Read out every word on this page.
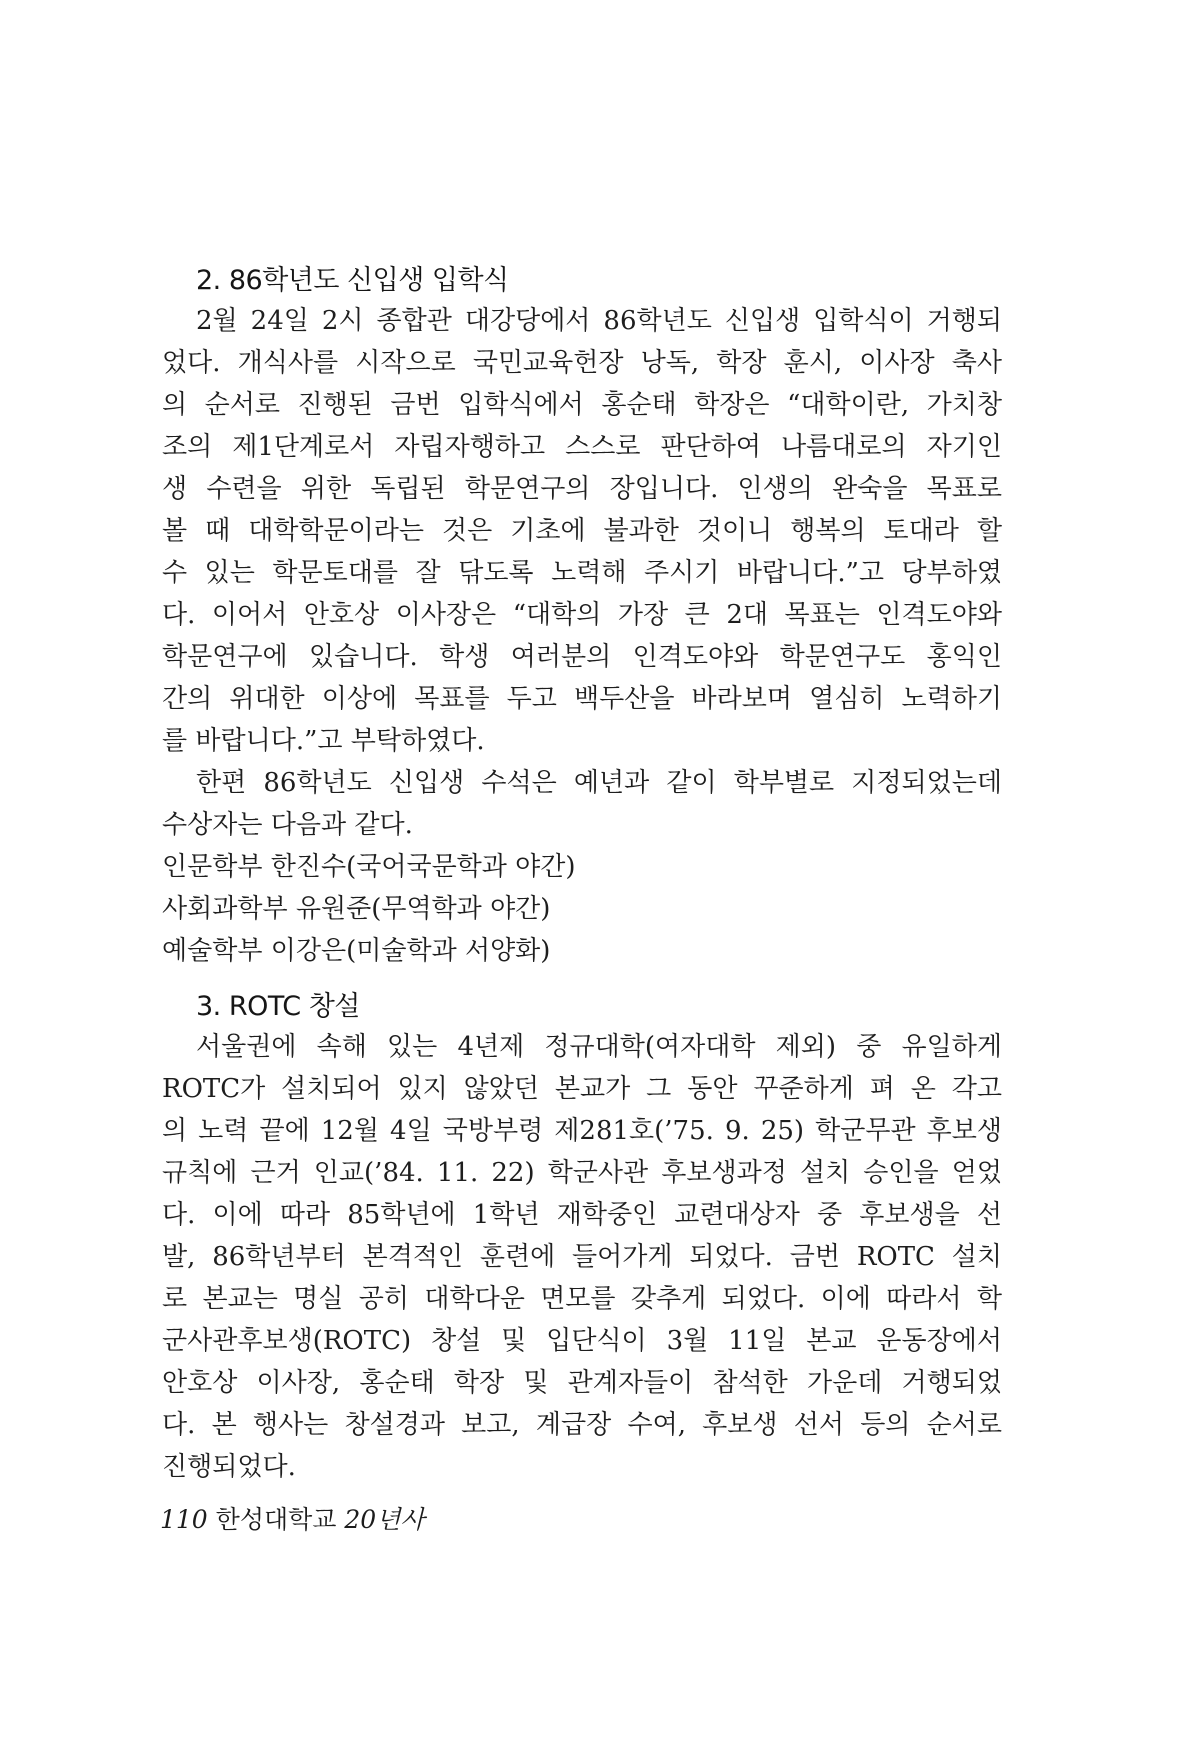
2. 86학년도 신입생 입학식
2월 24일 2시 종합관 대강당에서 86학년도 신입생 입학식이 거행되
었다. 개식사를 시작으로 국민교육헌장 낭독, 학장 훈시, 이사장 축사
의 순서로 진행된 금번 입학식에서 홍순태 학장은 “대학이란, 가치창
조의 제1단계로서 자립자행하고 스스로 판단하여 나름대로의 자기인
생 수련을 위한 독립된 학문연구의 장입니다. 인생의 완숙을 목표로
볼 때 대학학문이라는 것은 기초에 불과한 것이니 행복의 토대라 할
수 있는 학문토대를 잘 닦도록 노력해 주시기 바랍니다.”고 당부하였
다. 이어서 안호상 이사장은 “대학의 가장 큰 2대 목표는 인격도야와
학문연구에 있습니다. 학생 여러분의 인격도야와 학문연구도 홍익인
간의 위대한 이상에 목표를 두고 백두산을 바라보며 열심히 노력하기
를 바랍니다.”고 부탁하였다.
한편 86학년도 신입생 수석은 예년과 같이 학부별로 지정되었는데
수상자는 다음과 같다.
인문학부 한진수(국어국문학과 야간)
사회과학부 유원준(무역학과 야간)
예술학부 이강은(미술학과 서양화)
3. ROTC 창설
서울권에 속해 있는 4년제 정규대학(여자대학 제외) 중 유일하게
ROTC가 설치되어 있지 않았던 본교가 그 동안 꾸준하게 펴 온 각고
의 노력 끝에 12월 4일 국방부령 제281호(’75. 9. 25) 학군무관 후보생
규칙에 근거 인교(’84. 11. 22) 학군사관 후보생과정 설치 승인을 얻었
다. 이에 따라 85학년에 1학년 재학중인 교련대상자 중 후보생을 선
발, 86학년부터 본격적인 훈련에 들어가게 되었다. 금번 ROTC 설치
로 본교는 명실 공히 대학다운 면모를 갖추게 되었다. 이에 따라서 학
군사관후보생(ROTC) 창설 및 입단식이 3월 11일 본교 운동장에서
안호상 이사장, 홍순태 학장 및 관계자들이 참석한 가운데 거행되었
다. 본 행사는 창설경과 보고, 계급장 수여, 후보생 선서 등의 순서로
진행되었다.
110 한성대학교 20년사
